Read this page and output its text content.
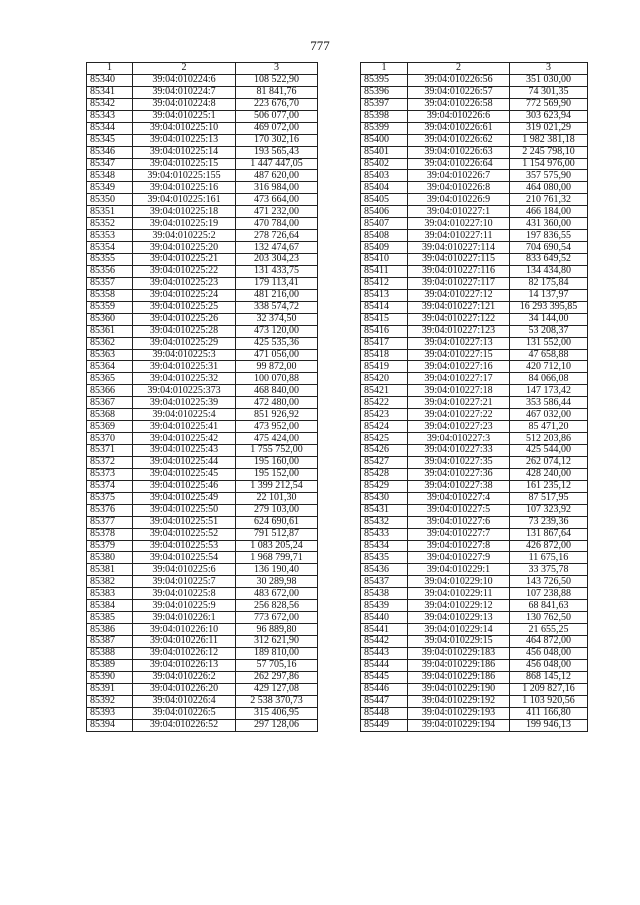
777
1	2	3
85340	39:04:010224:6	108 522,90
85341	39:04:010224:7	81 841,76
85342	39:04:010224:8	223 676,70
85343	39:04:010225:1	506 077,00
85344	39:04:010225:10	469 072,00
85345	39:04:010225:13	170 302,16
85346	39:04:010225:14	193 565,43
85347	39:04:010225:15	1 447 447,05
85348	39:04:010225:155	487 620,00
85349	39:04:010225:16	316 984,00
85350	39:04:010225:161	473 664,00
85351	39:04:010225:18	471 232,00
85352	39:04:010225:19	470 784,00
85353	39:04:010225:2	278 726,64
85354	39:04:010225:20	132 474,67
85355	39:04:010225:21	203 304,23
85356	39:04:010225:22	131 433,75
85357	39:04:010225:23	179 113,41
85358	39:04:010225:24	481 216,00
85359	39:04:010225:25	338 574,72
85360	39:04:010225:26	32 374,50
85361	39:04:010225:28	473 120,00
85362	39:04:010225:29	425 535,36
85363	39:04:010225:3	471 056,00
85364	39:04:010225:31	99 872,00
85365	39:04:010225:32	100 070,88
85366	39:04:010225:373	468 840,00
85367	39:04:010225:39	472 480,00
85368	39:04:010225:4	851 926,92
85369	39:04:010225:41	473 952,00
85370	39:04:010225:42	475 424,00
85371	39:04:010225:43	1 755 752,00
85372	39:04:010225:44	195 160,00
85373	39:04:010225:45	195 152,00
85374	39:04:010225:46	1 399 212,54
85375	39:04:010225:49	22 101,30
85376	39:04:010225:50	279 103,00
85377	39:04:010225:51	624 690,61
85378	39:04:010225:52	791 512,87
85379	39:04:010225:53	1 083 205,24
85380	39:04:010225:54	1 968 799,71
85381	39:04:010225:6	136 190,40
85382	39:04:010225:7	30 289,98
85383	39:04:010225:8	483 672,00
85384	39:04:010225:9	256 828,56
85385	39:04:010226:1	773 672,00
85386	39:04:010226:10	96 889,80
85387	39:04:010226:11	312 621,90
85388	39:04:010226:12	189 810,00
85389	39:04:010226:13	57 705,16
85390	39:04:010226:2	262 297,86
85391	39:04:010226:20	429 127,08
85392	39:04:010226:4	2 538 370,73
85393	39:04:010226:5	315 406,95
85394	39:04:010226:52	297 128,06
1	2	3
85395	39:04:010226:56	351 030,00
85396	39:04:010226:57	74 301,35
85397	39:04:010226:58	772 569,90
85398	39:04:010226:6	303 623,94
85399	39:04:010226:61	319 021,29
85400	39:04:010226:62	1 982 381,18
85401	39:04:010226:63	2 245 798,10
85402	39:04:010226:64	1 154 976,00
85403	39:04:010226:7	357 575,90
85404	39:04:010226:8	464 080,00
85405	39:04:010226:9	210 761,32
85406	39:04:010227:1	466 184,00
85407	39:04:010227:10	431 360,00
85408	39:04:010227:11	197 836,55
85409	39:04:010227:114	704 690,54
85410	39:04:010227:115	833 649,52
85411	39:04:010227:116	134 434,80
85412	39:04:010227:117	82 175,84
85413	39:04:010227:12	14 137,97
85414	39:04:010227:121	16 293 395,85
85415	39:04:010227:122	34 144,00
85416	39:04:010227:123	53 208,37
85417	39:04:010227:13	131 552,00
85418	39:04:010227:15	47 658,88
85419	39:04:010227:16	420 712,10
85420	39:04:010227:17	84 066,08
85421	39:04:010227:18	147 173,42
85422	39:04:010227:21	353 586,44
85423	39:04:010227:22	467 032,00
85424	39:04:010227:23	85 471,20
85425	39:04:010227:3	512 203,86
85426	39:04:010227:33	425 544,00
85427	39:04:010227:35	262 074,12
85428	39:04:010227:36	428 240,00
85429	39:04:010227:38	161 235,12
85430	39:04:010227:4	87 517,95
85431	39:04:010227:5	107 323,92
85432	39:04:010227:6	73 239,36
85433	39:04:010227:7	131 867,64
85434	39:04:010227:8	426 872,00
85435	39:04:010227:9	11 675,16
85436	39:04:010229:1	33 375,78
85437	39:04:010229:10	143 726,50
85438	39:04:010229:11	107 238,88
85439	39:04:010229:12	68 841,63
85440	39:04:010229:13	130 762,50
85441	39:04:010229:14	21 655,25
85442	39:04:010229:15	464 872,00
85443	39:04:010229:183	456 048,00
85444	39:04:010229:186	456 048,00
85445	39:04:010229:186	868 145,12
85446	39:04:010229:190	1 209 827,16
85447	39:04:010229:192	1 103 920,56
85448	39:04:010229:193	411 166,80
85449	39:04:010229:194	199 946,13
